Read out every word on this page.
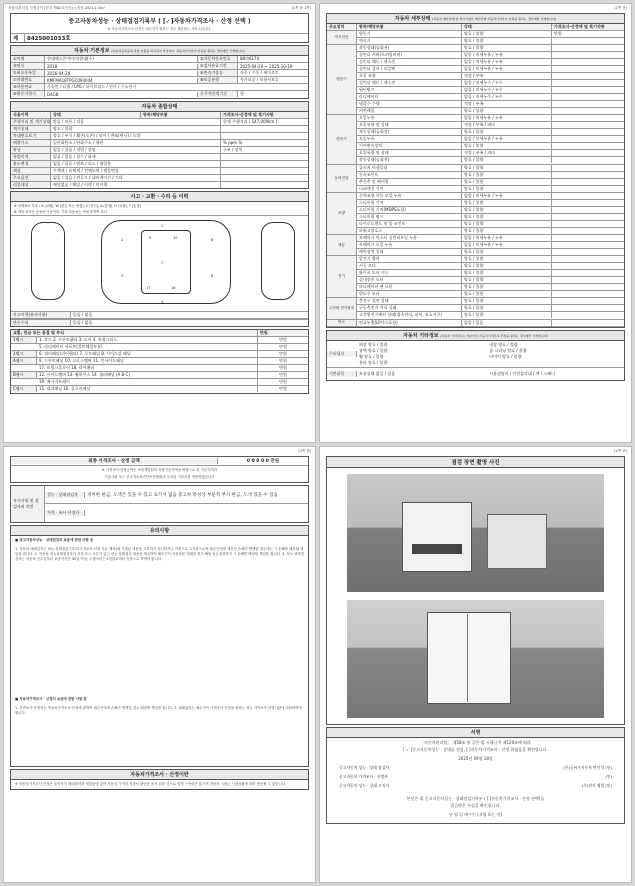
자동차관리법 시행규칙 [별지 제82호서식] <개정 2021.1.18>	(1쪽 중 1쪽)
중고자동차성능 · 상태점검기록부 ( [✓]자동차가격조사 · 산정 선택 )
※ 자동차가격조사·산정은 매수인이 원하는 경우 제공하는 서비스입니다.
제	8425001033호
자동차 기본정보 (자동차등록증과 차량 실물을 비교하여 작성하며, 자동차가격조사·산정을 원하는 경우에만 기재합니다)
①차명	현대에스온마이티/현대(주)	②자동차등록번호	88마6174
③연식	2018	④검사유효기간	2025-04-20 ~ 2025-10-19
⑤최초등록일	2016-04-20	⑥변속기종류	자동 / 수동 / 세미오토
⑦차대번호	KMFMA18TPGC093044	⑧보증유형	자가보증 / 보험사보증
⑨사용연료	가솔린 / 디젤 / LPG / 하이브리드 / 전기 / 수소전기
⑩원동기형식	D4GB	⑪가격산정기준	원
자동차 종합상태
사용이력	상태	항목/해당부품	가격조사·산정액 및 특기사항
주행거리 및 계기상태 많음 / 보통 / 적음	현재 주행거리 [ 547,009km ]
계기상태	양호 / 불량
차대번호표기	양호 / 부식 / 훼손(오손) / 상이 / 변조(변타) / 도말
배출가스	일산화탄소 / 탄화수소 / 매연	% ppm %
튜닝	없음 / 있음 / 적법 / 불법	구조 / 장치
특별이력	없음 / 있음 / 침수 / 화재
용도변경	없음 / 있음 / 렌트 / 리스 / 영업용
색상	무채색 / 유채색 / 전체도색 / 색상변경
주요옵션	없음 / 있음 / 썬루프 / 네비게이션 / 기타
리콜대상	해당없음 / 해당 / 이행 / 미이행
사고 · 교환 · 수리 등 이력
※ 상태표시 부호 : X (교환), W (판금 또는 용접), C (부식), A (흠집), U (요철), T (손상)
※ 하단 항목은 승용차 기준이며, 기타 자동차는 이에 준하여 표시
1
2
3
4
6
8
7
9	10
17	18
사고이력(유의사항)	있음 / 없음
단순수리	있음 / 없음
교환, 판금 또는 용접 및 부식	만원
1랭크	1. 후드 2. 프론트휀더 3. 도어 4. 트렁크리드	만원
5. 라디에이터 서포트(볼트체결부품)	만원
2랭크	6. 쿼터패널(리어휀더) 7. 루프패널 8. 사이드실 패널	만원
A랭크	9. 프론트패널 10. 크로스멤버 11. 인사이드패널	만원
17. 트렁크플로어 18. 리어패널	만원
B랭크	12. 사이드멤버 13. 휠하우스 14. 필러패널 (A B C)	만원
19. 패키지트레이	만원
C랭크	15. 대쉬패널 16. 플로어패널	만원
(2쪽 중)
자동차 세부상태 (자동차 세부상태 및 특기사항은 매수인의 자동차가격조사·산정을 원하는 경우에만 기재합니다)
주요장치	항목/해당부품	상태	가격조사·산정액 및 특기사항
자기진단
원동기	양호 / 불량	만원
변속기	양호 / 불량
원동기
작동상태(공회전)	양호 / 불량
실린더 커버(로커암커버)	없음 / 미세누유 / 누유
실린더 헤드 / 개스킷	없음 / 미세누유 / 누유
실린더 블록 / 오일팬	없음 / 미세누유 / 누유
오일 유량	적정 / 부족
실린더 헤드 / 개스킷	없음 / 미세누수 / 누수
워터펌프	없음 / 미세누수 / 누수
라디에이터	없음 / 미세누수 / 누수
냉각수 수량	적정 / 부족
커먼레일	양호 / 불량
변속기
오일누유	없음 / 미세누유 / 누유
오일유량 및 상태	적정 / 부족 / 과다
작동상태(공회전)	양호 / 불량
오일누유	없음 / 미세누유 / 누유
기어변속장치	양호 / 불량
오일유량 및 상태	적정 / 부족 / 과다
작동상태(공회전)	양호 / 불량
동력전달
클러치 어셈블리	양호 / 불량
등속조인트	양호 / 불량
추진축 및 베어링	양호 / 불량
디퍼렌셜 기어	양호 / 불량
조향
동력조향 작동 오일 누유	없음 / 미세누유 / 누유
스티어링 기어	양호 / 불량
스티어링 기어(MDPS포함)	양호 / 불량
스티어링 펌프	양호 / 불량
타이로드엔드 및 볼 조인트	양호 / 불량
파워고압호스	양호 / 불량
제동
브레이크 마스터 실린더오일 누유	없음 / 미세누유 / 누유
브레이크 오일 누유	없음 / 미세누유 / 누유
배력장치 상태	양호 / 불량
전기
발전기 출력	양호 / 불량
시동 모터	양호 / 불량
와이퍼 모터 기능	양호 / 불량
실내송풍 모터	양호 / 불량
라디에이터 팬 모터	양호 / 불량
윈도우 모터	양호 / 불량
고전원 전기장치
충전구 절연 상태	양호 / 불량
구동축전지 격리 상태	양호 / 불량
고전원전기배선 상태(접속단자, 피복, 보호기구)	양호 / 불량
연료	연료누출(LP가스포함)	없음 / 있음
자동차 기타정보 (자동차 기타정보는 매수인이 자동차가격조사·산정을 원하는 경우에만 기재합니다)
수리필요
외장 양호 / 불량	내장 양호 / 불량
광택 양호 / 불량	룸 크리닝 양호 / 불량
휠 양호 / 불량	타이어 양호 / 불량
유리 양호 / 불량
기본품목	보유상태 없음 / 있음	사용설명서 / 안전삼각대 / 잭 / 스패너
(3쪽 중)
최종 가격조사 · 산정 금액	0 0 0 0 0 만원
※ 가격조사·산정금액은 보험개발원의 차량기준가액을 바탕으로 한 기준가격과
기술사회 또는 한국자동차진단보증협회에 등록된 기준서를 적용하였습니다
특기사항 및 점검자의 의견
성능 · 상태점검자	경미한 판금, 도색은 있을 수 있고 표기서 없음 중고차 특성상 부분적 부식 판금, 도색 있을 수 있음
가격 · 조사 산정자
유의사항
■ 중고자동차성능 · 상태점검의 보증에 관한 사항 등
1. 자동차 매매업자는 성능·상태점검기록부(가격조사·산정 부분 제외)에 기재된 내용을 고지하지 아니하거나 거짓으로 고지함으로써 매수인에게 재산상 손해가 발생한 경우에는 그 손해를 배상할 책임을 집니다. 2. 자동차 성능상태점검자가 거짓 또는 오류가 있는 성능·상태점검 내용을 제공하여 매수인이 자동차를 거래한 경우 해당 성능점검자가 그 손해를 배상할 책임을 집니다. 3. 성능·상태점검자는 자동차 인도일부터 보증기간은 30일 이상, 주행거리는 2천킬로미터 이상으로 하여야 합니다.
■ 자동차가격조사 · 산정의 보증에 관한 사항 등
1. 가격조사·산정자는 자동차가격조사·산정에 관하여 매수인에게 손해가 발생한 경우 배상할 책임을 집니다. 2. 매매업자는 매수인이 가격조사·산정을 원하는 경우 가격조사·산정기관에 의뢰하여야 합니다.
자동차가격조사 · 산정이란
※ 자동차가격조사·산정은 소비자가 매매계약을 체결함에 있어 자동차 가격의 적정성 판단을 돕기 위한 것으로 법적 구속력은 없으며 자동차 시세는 시장상황에 따라 변동될 수 있습니다.
(4쪽 중)
점검 장면 촬영 사진
서명
「자동차관리법」 제58조 및 같은 법 시행규칙 제120조에 따라
[ ✓ ]중고자동차성능 · 상태를 점검, [ ]자동차가격조사 · 산정 하였음을 확인합니다.
2025년 09월 18일
중고자동차 성능 · 상태 점검자	(주)글씨우자동차 반인석 (인)
중고자동차 가격조사 · 산정자	(인)
중고자동차 성능 · 상태 고지자	(주)현지 영업 (인)
본인은 위 중고자동차성능 · 상태점검기록부 ( [ ]자동차가격조사 · 산정 선택)를
발급받은 사실을 확인합니다.
년 월 일 매수인 (서명 또는 인)
